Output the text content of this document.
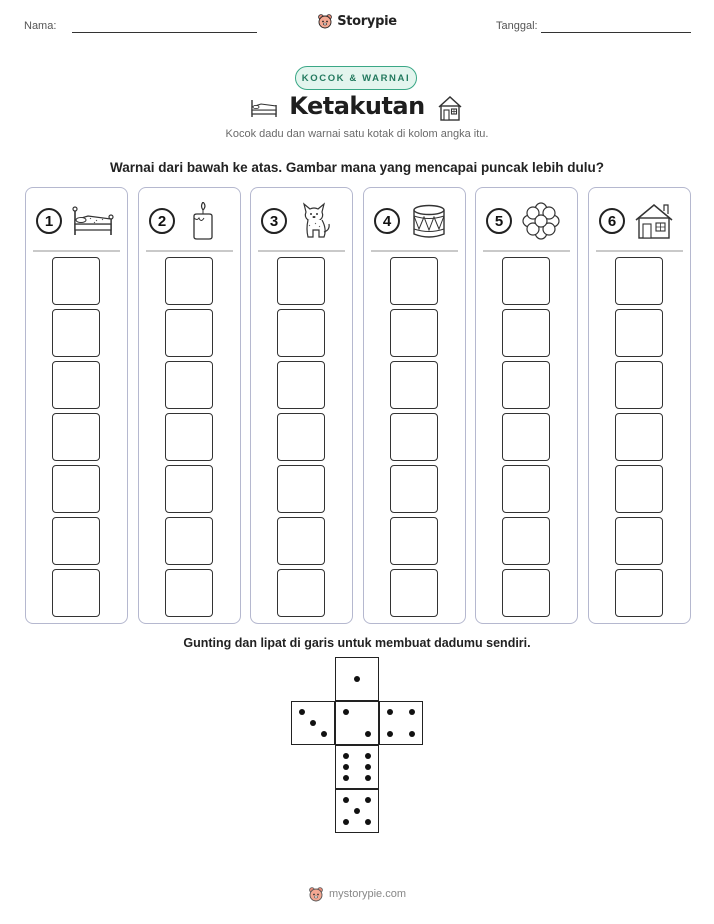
Nama:	Tanggal:
Storypie
KOCOK & WARNAI
Ketakutan
Kocok dadu dan warnai satu kotak di kolom angka itu.
Warnai dari bawah ke atas. Gambar mana yang mencapai puncak lebih dulu?
1	2	3	4	5	6
Gunting dan lipat di garis untuk membuat dadumu sendiri.
mystorypie.com
